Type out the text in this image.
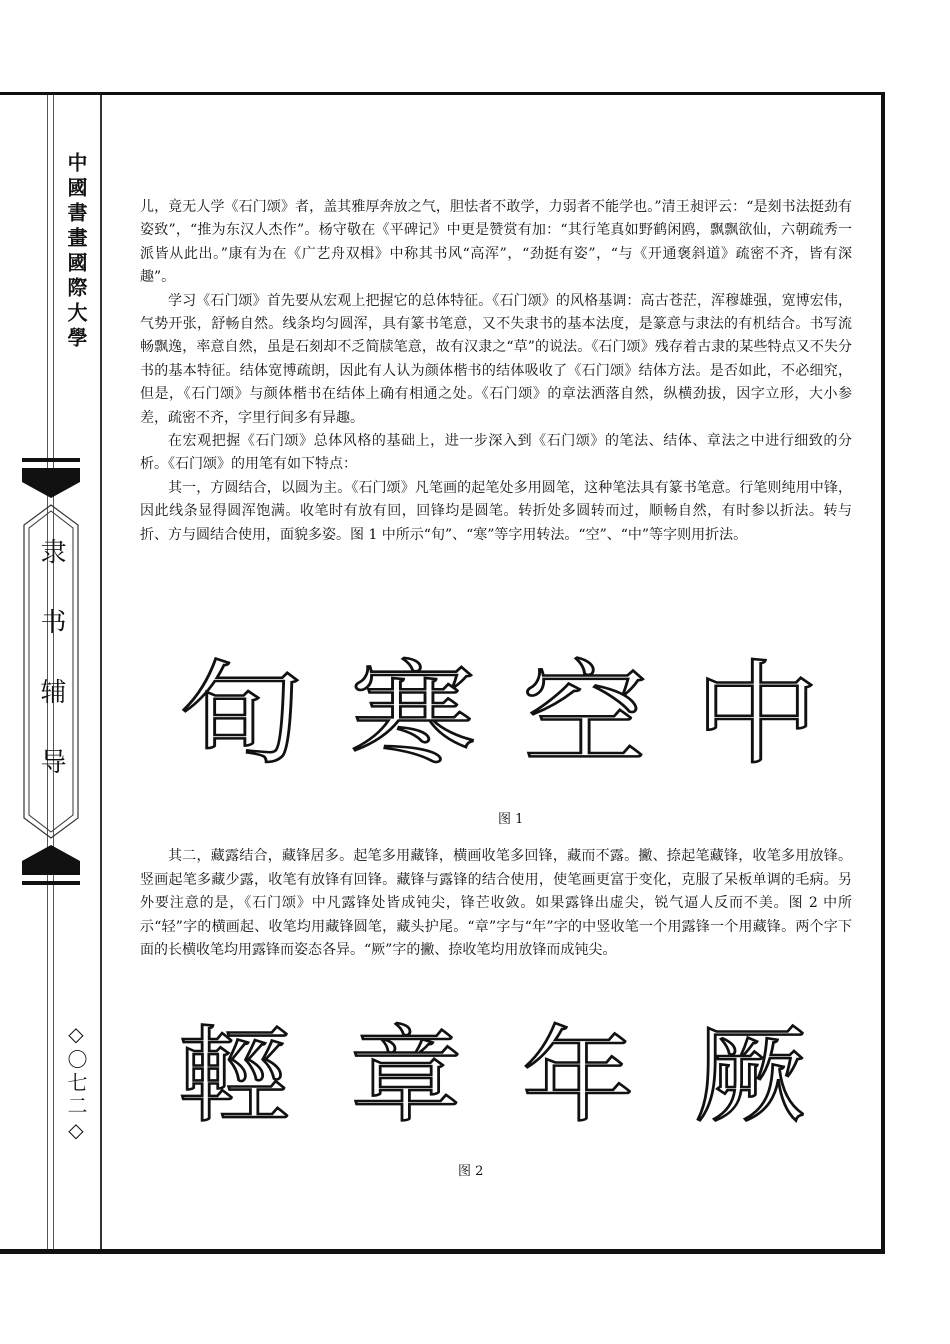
中國書畫國際大學
隶书辅导
◇〇七二◇

儿，竟无人学《石门颂》者，盖其雅厚奔放之气，胆怯者不敢学，力弱者不能学也。”清王昶评云：“是刻书法挺劲有姿致”，“推为东汉人杰作”。杨守敬在《平碑记》中更是赞赏有加：“其行笔真如野鹤闲鸥，飘飘欲仙，六朝疏秀一派皆从此出。”康有为在《广艺舟双楫》中称其书风“高浑”，“劲挺有姿”，“与《开通褒斜道》疏密不齐，皆有深趣”。

学习《石门颂》首先要从宏观上把握它的总体特征。《石门颂》的风格基调：高古苍茫，浑穆雄强，宽博宏伟，气势开张，舒畅自然。线条均匀圆浑，具有篆书笔意，又不失隶书的基本法度，是篆意与隶法的有机结合。书写流畅飘逸，率意自然，虽是石刻却不乏简牍笔意，故有汉隶之“草”的说法。《石门颂》残存着古隶的某些特点又不失分书的基本特征。结体宽博疏朗，因此有人认为颜体楷书的结体吸收了《石门颂》结体方法。是否如此，不必细究，但是，《石门颂》与颜体楷书在结体上确有相通之处。《石门颂》的章法洒落自然，纵横劲拔，因字立形，大小参差，疏密不齐，字里行间多有异趣。

在宏观把握《石门颂》总体风格的基础上，进一步深入到《石门颂》的笔法、结体、章法之中进行细致的分析。《石门颂》的用笔有如下特点：

其一，方圆结合，以圆为主。《石门颂》凡笔画的起笔处多用圆笔，这种笔法具有篆书笔意。行笔则纯用中锋，因此线条显得圆浑饱满。收笔时有放有回，回锋均是圆笔。转折处多圆转而过，顺畅自然，有时参以折法。转与折、方与圆结合使用，面貌多姿。图 1 中所示“旬”、“寒”等字用转法。“空”、“中”等字则用折法。

旬 寒 空 中
图 1

其二，藏露结合，藏锋居多。起笔多用藏锋，横画收笔多回锋，藏而不露。撇、捺起笔藏锋，收笔多用放锋。竖画起笔多藏少露，收笔有放锋有回锋。藏锋与露锋的结合使用，使笔画更富于变化，克服了呆板单调的毛病。另外要注意的是，《石门颂》中凡露锋处皆成钝尖，锋芒收敛。如果露锋出虚尖，锐气逼人反而不美。图 2 中所示“轻”字的横画起、收笔均用藏锋圆笔，藏头护尾。“章”字与“年”字的中竖收笔一个用露锋一个用藏锋。两个字下面的长横收笔均用露锋而姿态各异。“厥”字的撇、捺收笔均用放锋而成钝尖。

輕 章 年 厥
图 2
